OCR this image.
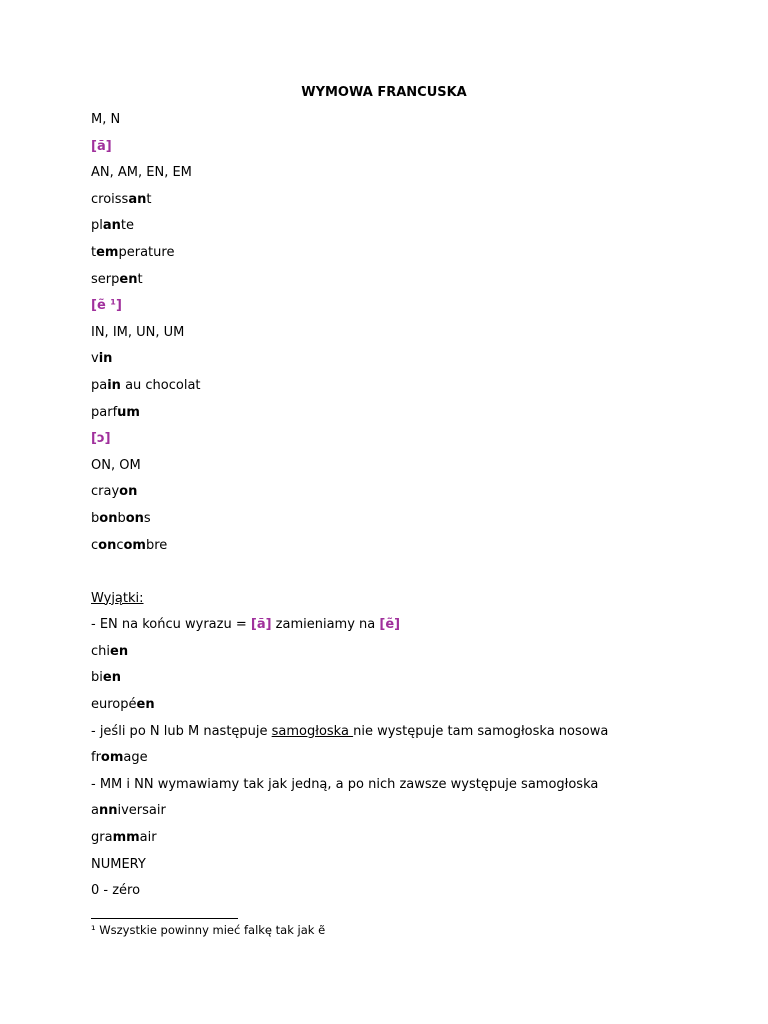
WYMOWA FRANCUSKA
M, N
[ã]
AN, AM, EN, EM
croissant
plante
temperature
serpent
[ẽ ¹]
IN, IM, UN, UM
vin
pain au chocolat
parfum
[ɔ]
ON, OM
crayon
bonbons
concombre
Wyjątki:
- EN na końcu wyrazu = [ã] zamieniamy na [ẽ]
chien
bien
européen
- jeśli po N lub M następuje samogłoska nie występuje tam samogłoska nosowa
fromage
- MM i NN wymawiamy tak jak jedną, a po nich zawsze występuje samogłoska
anniversair
grammair
NUMERY
0 - zéro
¹ Wszystkie powinny mieć falkę tak jak ẽ
